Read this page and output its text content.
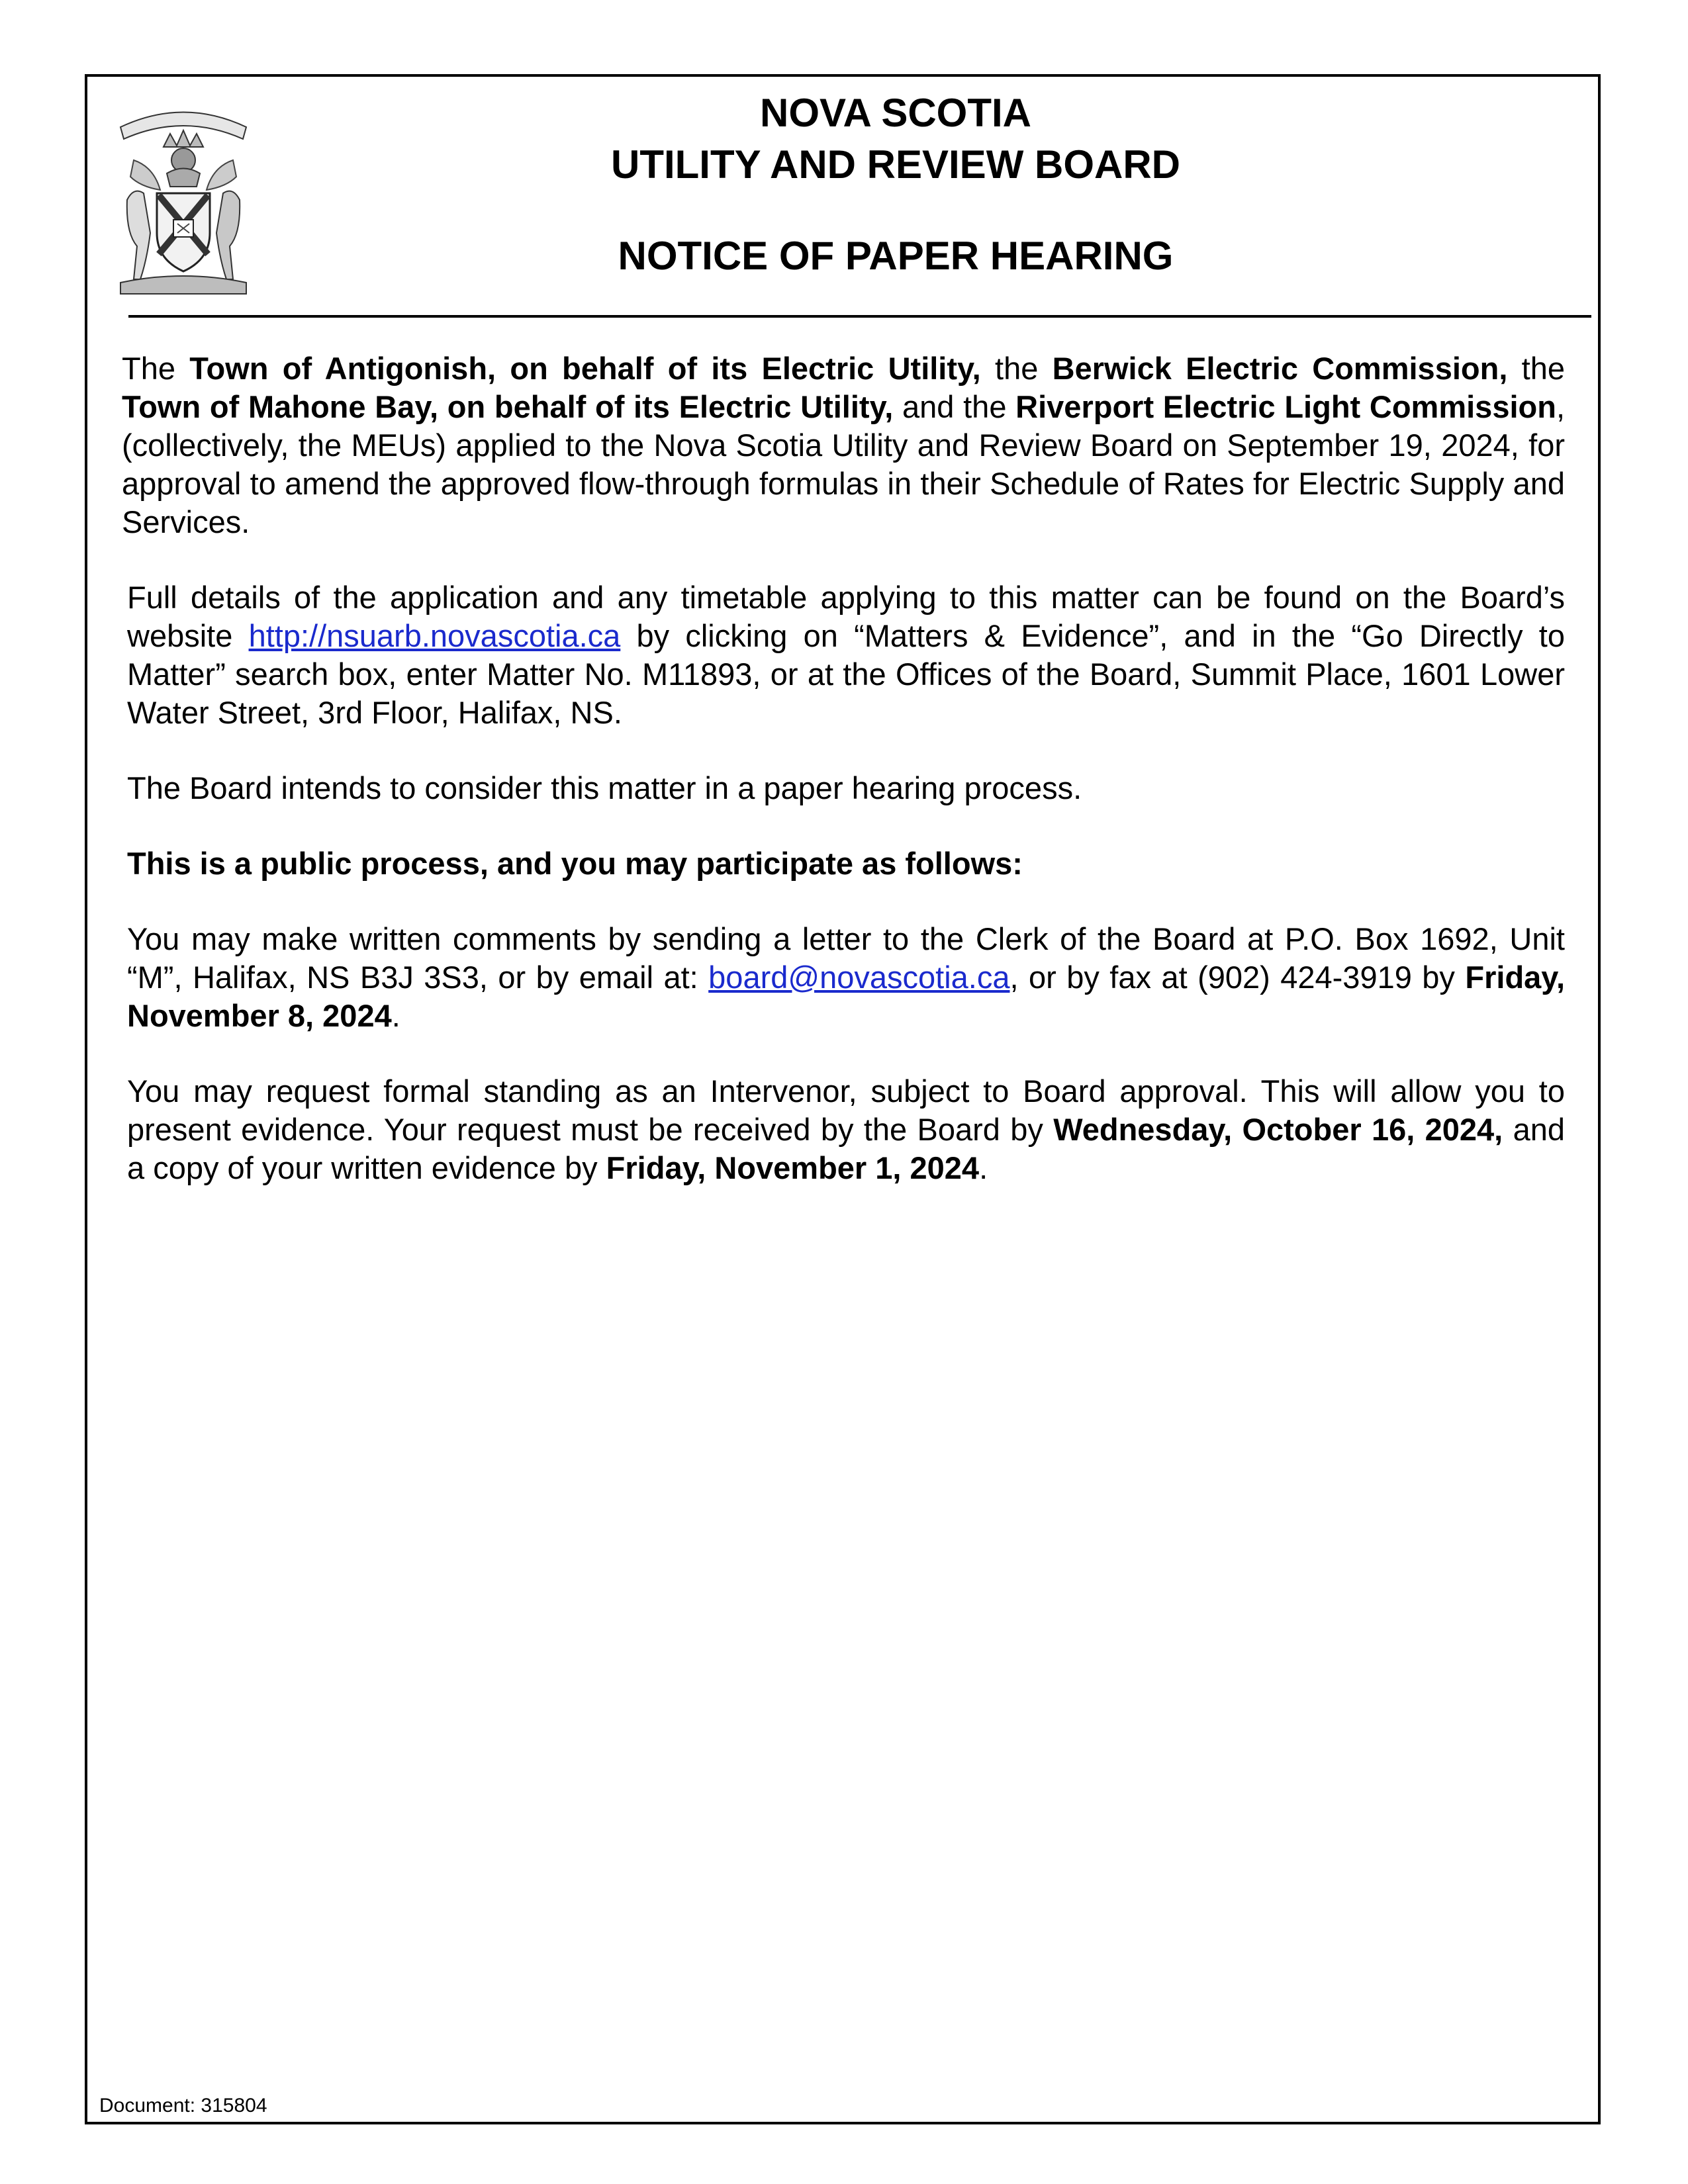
NOVA SCOTIA
UTILITY AND REVIEW BOARD
NOTICE OF PAPER HEARING

The Town of Antigonish, on behalf of its Electric Utility, the Berwick Electric Commission, the Town of Mahone Bay, on behalf of its Electric Utility, and the Riverport Electric Light Commission, (collectively, the MEUs) applied to the Nova Scotia Utility and Review Board on September 19, 2024, for approval to amend the approved flow-through formulas in their Schedule of Rates for Electric Supply and Services.

Full details of the application and any timetable applying to this matter can be found on the Board’s website http://nsuarb.novascotia.ca by clicking on “Matters & Evidence”, and in the “Go Directly to Matter” search box, enter Matter No. M11893, or at the Offices of the Board, Summit Place, 1601 Lower Water Street, 3rd Floor, Halifax, NS.

The Board intends to consider this matter in a paper hearing process.

This is a public process, and you may participate as follows:

You may make written comments by sending a letter to the Clerk of the Board at P.O. Box 1692, Unit “M”, Halifax, NS B3J 3S3, or by email at: board@novascotia.ca, or by fax at (902) 424-3919 by Friday, November 8, 2024.

You may request formal standing as an Intervenor, subject to Board approval. This will allow you to present evidence. Your request must be received by the Board by Wednesday, October 16, 2024, and a copy of your written evidence by Friday, November 1, 2024.

Document: 315804
